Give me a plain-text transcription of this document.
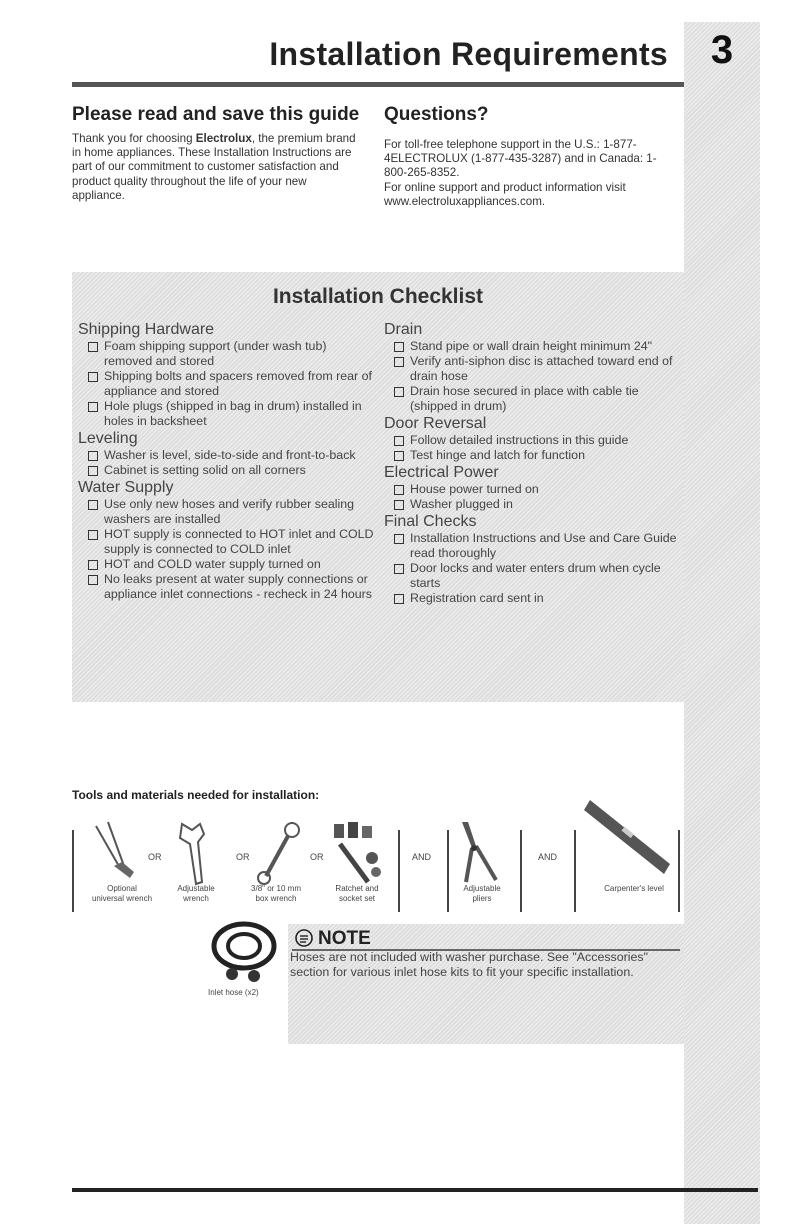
3
Installation Requirements
Please read and save this guide
Thank you for choosing Electrolux, the premium brand in home appliances. These Installation Instructions are part of our commitment to customer satisfaction and product quality throughout the life of your new appliance.
Questions?

For toll-free telephone support in the U.S.: 1-877-4ELECTROLUX (1-877-435-3287) and in Canada: 1-800-265-8352.

For online support and product information visit www.electroluxappliances.com.

Installation Checklist
Shipping Hardware
Foam shipping support (under wash tub) removed and stored
Shipping bolts and spacers removed from rear of appliance and stored
Hole plugs (shipped in bag in drum) installed in holes in backsheet
Leveling
Washer is level, side-to-side and front-to-back
Cabinet is setting solid on all corners
Water Supply
Use only new hoses and verify rubber sealing washers are installed
HOT supply is connected to HOT inlet and COLD supply is connected to COLD inlet
HOT and COLD water supply turned on
No leaks present at water supply connections or appliance inlet connections - recheck in 24 hours
Drain
Stand pipe or wall drain height minimum 24"
Verify anti-siphon disc is attached toward end of drain hose
Drain hose secured in place with cable tie (shipped in drum)
Door Reversal
Follow detailed instructions in this guide
Test hinge and latch for function
Electrical Power
House power turned on
Washer plugged in
Final Checks
Installation Instructions and Use and Care Guide read thoroughly
Door locks and water enters drum when cycle starts
Registration card sent in
Tools and materials needed for installation:
OR	OR	OR	AND	AND
Optional
universal wrench
Adjustable
wrench
3/8" or 10 mm
box wrench
Ratchet and
socket set
Adjustable
pliers
Carpenter's level
Inlet hose (x2)
NOTE
Hoses are not included with washer purchase. See "Accessories" section for various inlet hose kits to fit your specific installation.
